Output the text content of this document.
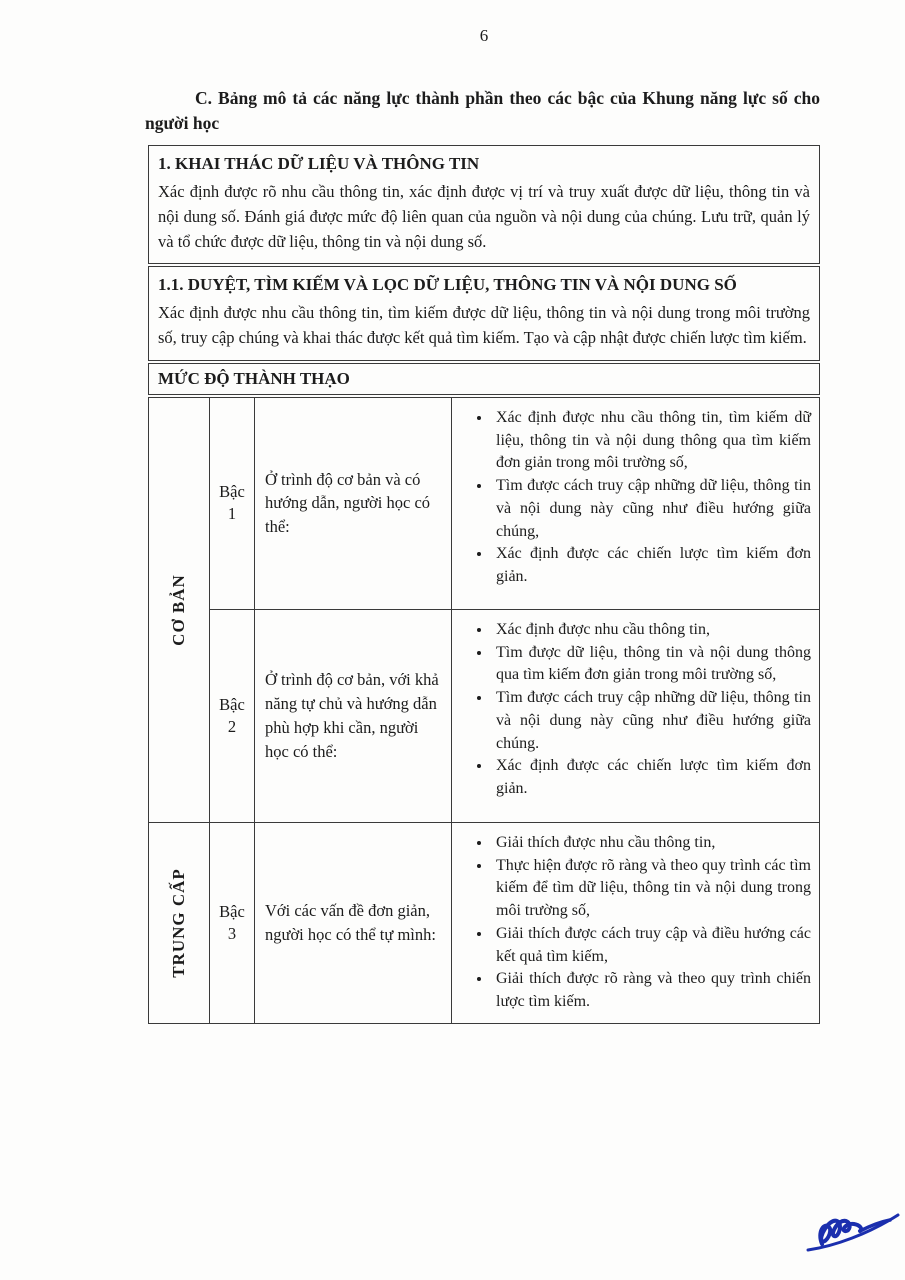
6

C. Bảng mô tả các năng lực thành phần theo các bậc của Khung năng lực số cho người học

1. KHAI THÁC DỮ LIỆU VÀ THÔNG TIN

Xác định được rõ nhu cầu thông tin, xác định được vị trí và truy xuất được dữ liệu, thông tin và nội dung số. Đánh giá được mức độ liên quan của nguồn và nội dung của chúng. Lưu trữ, quản lý và tổ chức được dữ liệu, thông tin và nội dung số.

1.1. DUYỆT, TÌM KIẾM VÀ LỌC DỮ LIỆU, THÔNG TIN VÀ NỘI DUNG SỐ

Xác định được nhu cầu thông tin, tìm kiếm được dữ liệu, thông tin và nội dung trong môi trường số, truy cập chúng và khai thác được kết quả tìm kiếm. Tạo và cập nhật được chiến lược tìm kiếm.

MỨC ĐỘ THÀNH THẠO
CƠ BẢN
TRUNG CẤP
Bậc
1

Ở trình độ cơ bản và có hướng dẫn, người học có thể:

• Xác định được nhu cầu thông tin, tìm kiếm dữ liệu, thông tin và nội dung thông qua tìm kiếm đơn giản trong môi trường số,
• Tìm được cách truy cập những dữ liệu, thông tin và nội dung này cũng như điều hướng giữa chúng,
• Xác định được các chiến lược tìm kiếm đơn giản.
Bậc
2

Ở trình độ cơ bản, với khả năng tự chủ và hướng dẫn phù hợp khi cần, người học có thể:

• Xác định được nhu cầu thông tin,
• Tìm được dữ liệu, thông tin và nội dung thông qua tìm kiếm đơn giản trong môi trường số,
• Tìm được cách truy cập những dữ liệu, thông tin và nội dung này cũng như điều hướng giữa chúng.
• Xác định được các chiến lược tìm kiếm đơn giản.
Bậc
3

Với các vấn đề đơn giản, người học có thể tự mình:

• Giải thích được nhu cầu thông tin,
• Thực hiện được rõ ràng và theo quy trình các tìm kiếm để tìm dữ liệu, thông tin và nội dung trong môi trường số,
• Giải thích được cách truy cập và điều hướng các kết quả tìm kiếm,
• Giải thích được rõ ràng và theo quy trình chiến lược tìm kiếm.
